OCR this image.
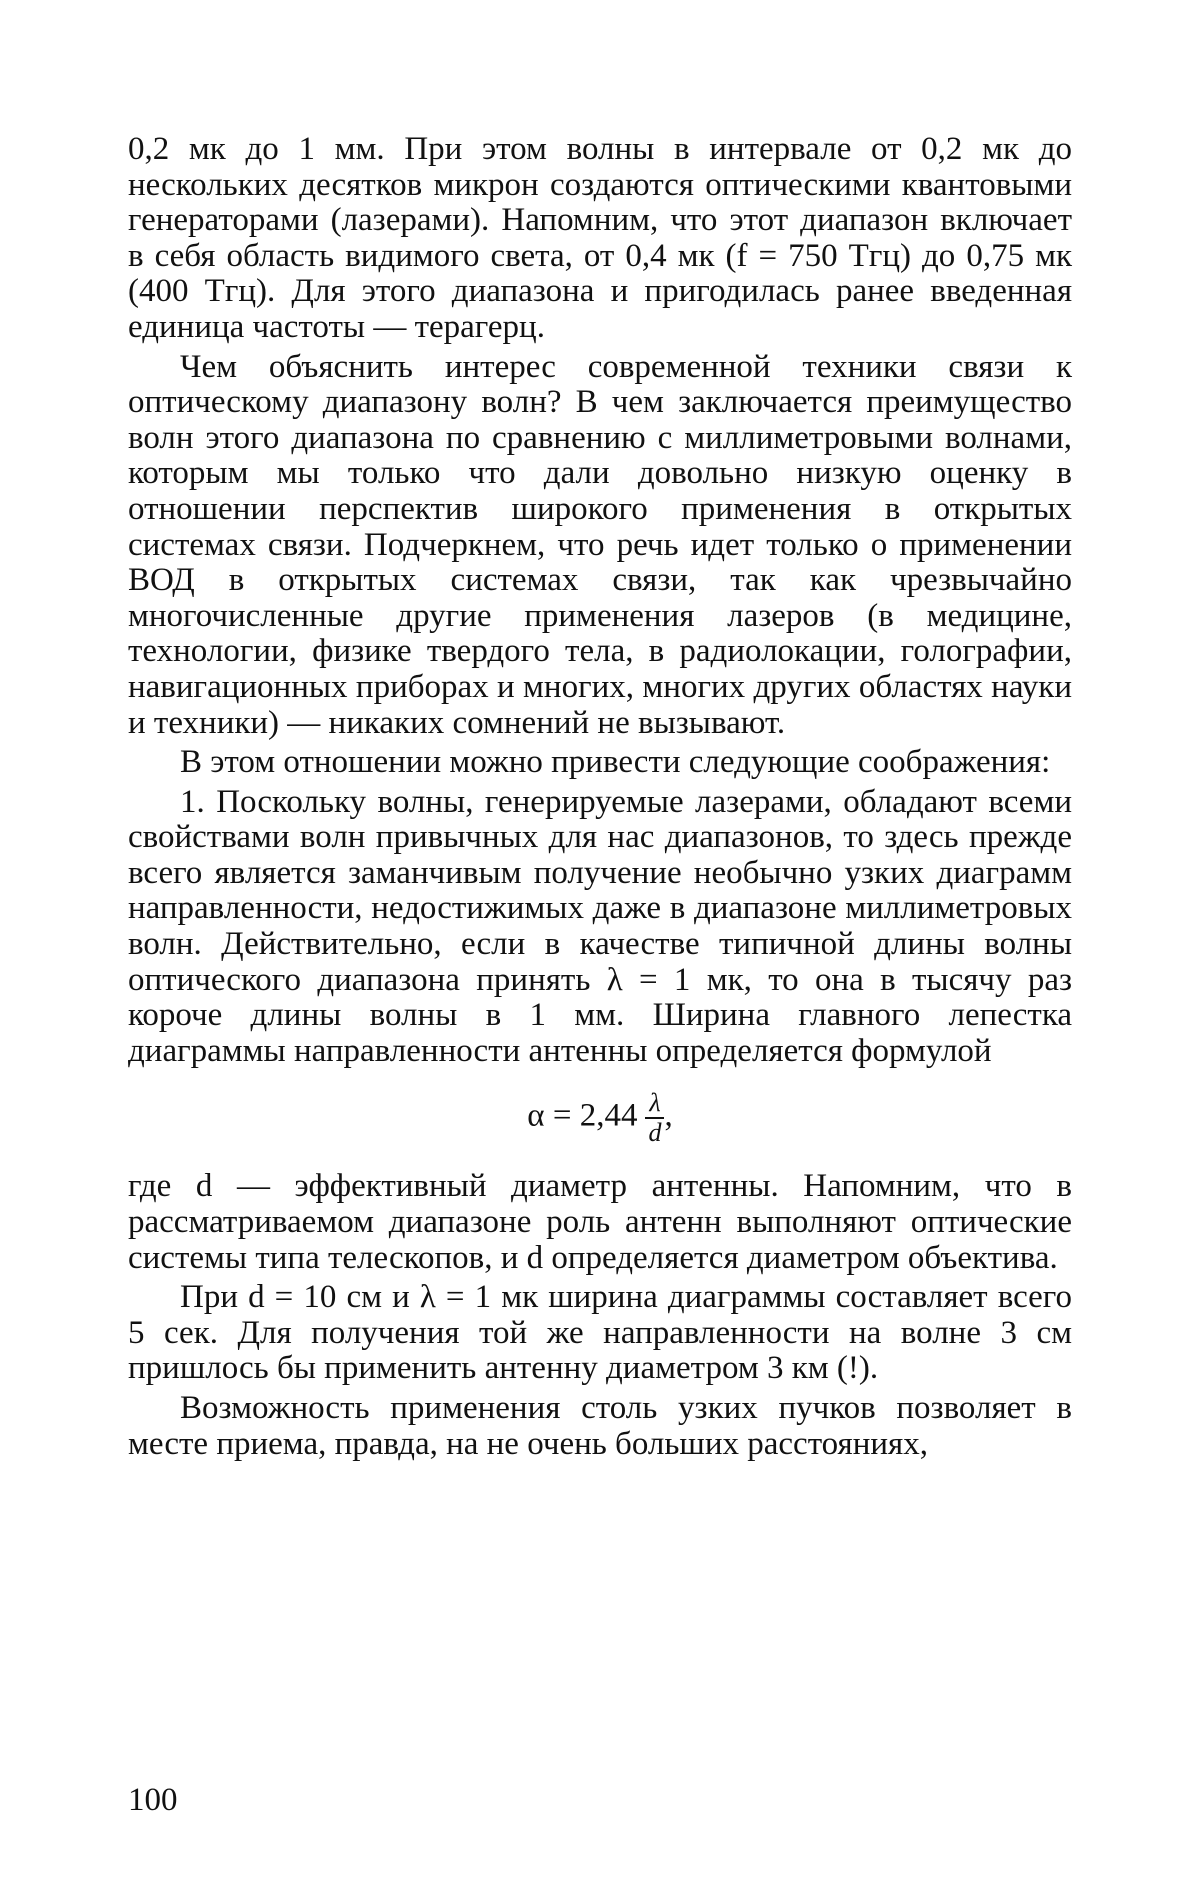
0,2 мк до 1 мм. При этом волны в интервале от 0,2 мк до нескольких десятков микрон создаются оптическими квантовыми генераторами (лазерами). Напомним, что этот диапазон включает в себя область видимого света, от 0,4 мк (f = 750 Тгц) до 0,75 мк (400 Тгц). Для этого диапазона и пригодилась ранее введенная единица частоты — терагерц.

Чем объяснить интерес современной техники связи к оптическому диапазону волн? В чем заключается преимущество волн этого диапазона по сравнению с миллиметровыми волнами, которым мы только что дали довольно низкую оценку в отношении перспектив широкого применения в открытых системах связи. Подчеркнем, что речь идет только о применении ВОД в открытых системах связи, так как чрезвычайно многочисленные другие применения лазеров (в медицине, технологии, физике твердого тела, в радиолокации, голографии, навигационных приборах и многих, многих других областях науки и техники) — никаких сомнений не вызывают.

В этом отношении можно привести следующие соображения:

1. Поскольку волны, генерируемые лазерами, обладают всеми свойствами волн привычных для нас диапазонов, то здесь прежде всего является заманчивым получение необычно узких диаграмм направленности, недостижимых даже в диапазоне миллиметровых волн. Действительно, если в качестве типичной длины волны оптического диапазона принять λ = 1 мк, то она в тысячу раз короче длины волны в 1 мм. Ширина главного лепестка диаграммы направленности антенны определяется формулой

$\alpha = 2,44 \frac{\lambda}{d}$ ,

где d — эффективный диаметр антенны. Напомним, что в рассматриваемом диапазоне роль антенн выполняют оптические системы типа телескопов, и d определяется диаметром объектива.

При d = 10 см и λ = 1 мк ширина диаграммы составляет всего 5 сек. Для получения той же направленности на волне 3 см пришлось бы применить антенну диаметром 3 км (!).

Возможность применения столь узких пучков позволяет в месте приема, правда, на не очень больших расстояниях,

100
